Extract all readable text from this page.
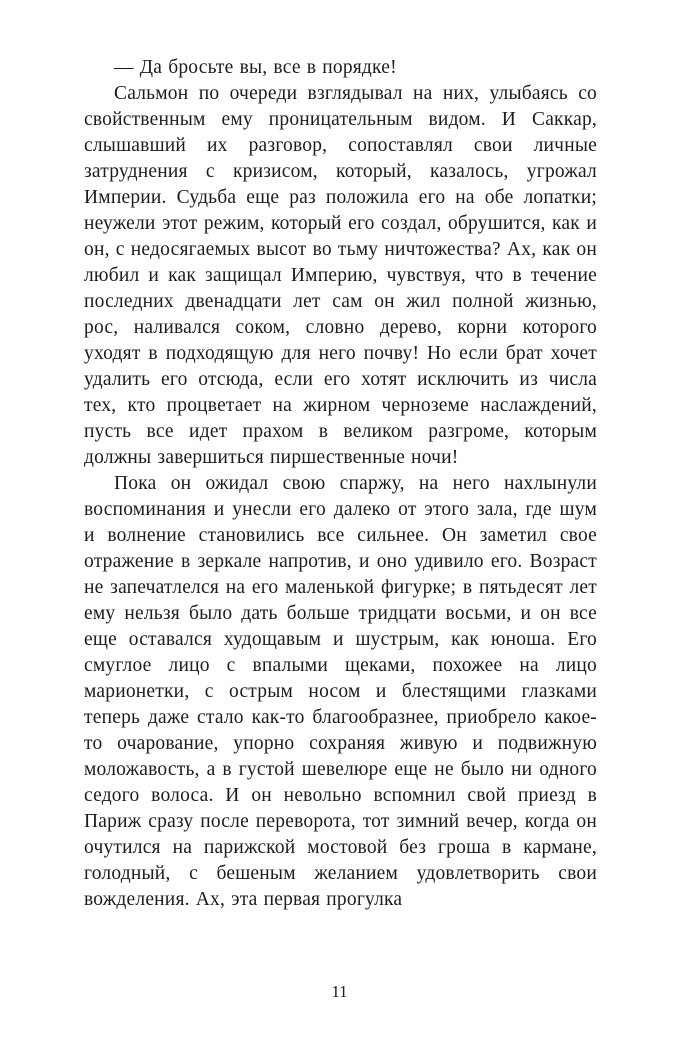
— Да бросьте вы, все в порядке!

Сальмон по очереди взглядывал на них, улыбаясь со свойственным ему проницательным видом. И Саккар, слышавший их разговор, сопоставлял свои личные затруднения с кризисом, который, казалось, угрожал Империи. Судьба еще раз положила его на обе лопатки; неужели этот режим, который его создал, обрушится, как и он, с недосягаемых высот во тьму ничтожества? Ах, как он любил и как защищал Империю, чувствуя, что в течение последних двенадцати лет сам он жил полной жизнью, рос, наливался соком, словно дерево, корни которого уходят в подходящую для него почву! Но если брат хочет удалить его отсюда, если его хотят исключить из числа тех, кто процветает на жирном черноземе наслаждений, пусть все идет прахом в великом разгроме, которым должны завершиться пиршественные ночи!

Пока он ожидал свою спаржу, на него нахлынули воспоминания и унесли его далеко от этого зала, где шум и волнение становились все сильнее. Он заметил свое отражение в зеркале напротив, и оно удивило его. Возраст не запечатлелся на его маленькой фигурке; в пятьдесят лет ему нельзя было дать больше тридцати восьми, и он все еще оставался худощавым и шустрым, как юноша. Его смуглое лицо с впалыми щеками, похожее на лицо марионетки, с острым носом и блестящими глазками теперь даже стало как-то благообразнее, приобрело какое-то очарование, упорно сохраняя живую и подвижную моложавость, а в густой шевелюре еще не было ни одного седого волоса. И он невольно вспомнил свой приезд в Париж сразу после переворота, тот зимний вечер, когда он очутился на парижской мостовой без гроша в кармане, голодный, с бешеным желанием удовлетворить свои вожделения. Ах, эта первая прогулка

11
